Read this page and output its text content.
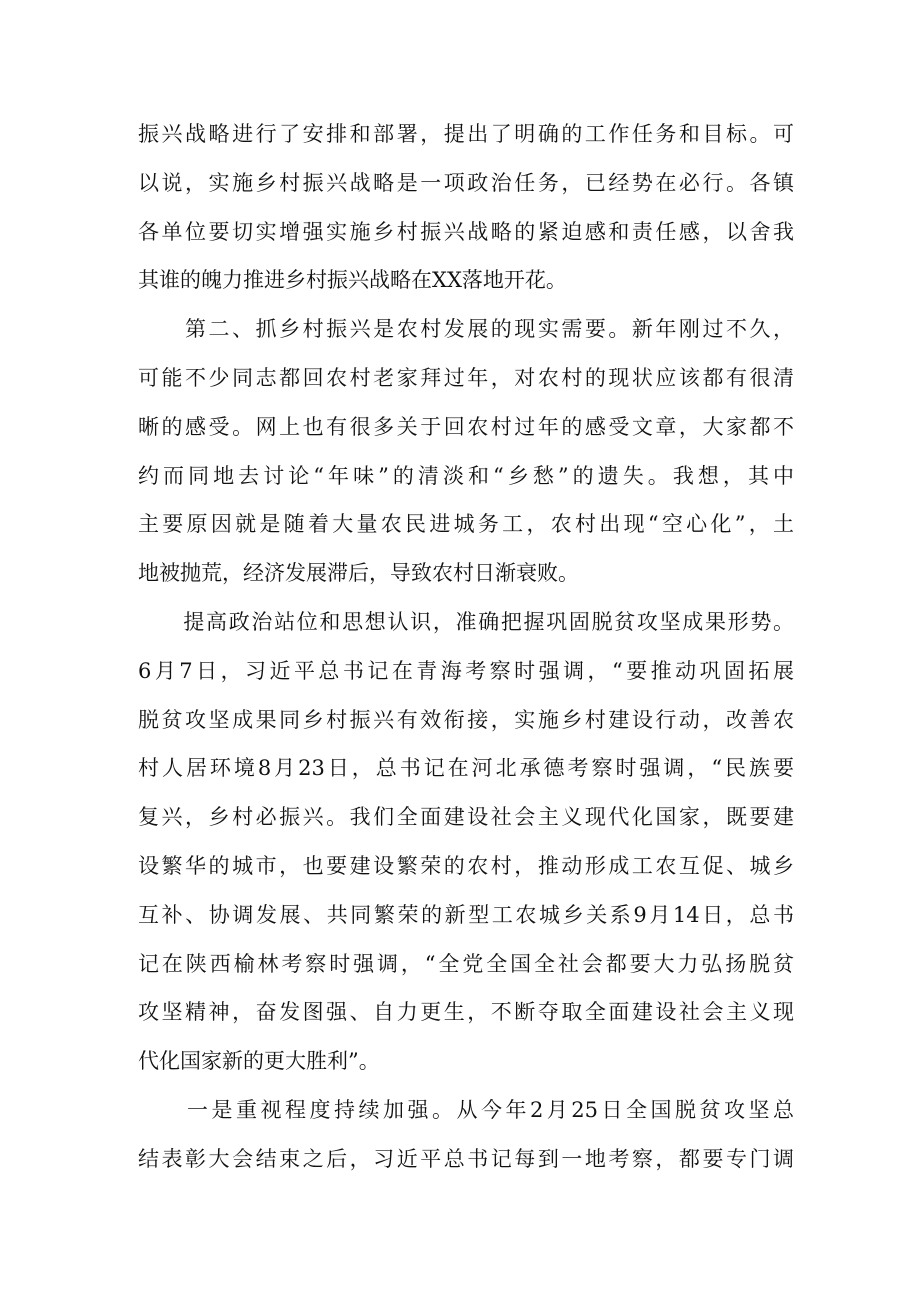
振兴战略进行了安排和部署，提出了明确的工作任务和目标。可
以说，实施乡村振兴战略是一项政治任务，已经势在必行。各镇
各单位要切实增强实施乡村振兴战略的紧迫感和责任感，以舍我
其谁的魄力推进乡村振兴战略在XX落地开花。
　　第二、抓乡村振兴是农村发展的现实需要。新年刚过不久，
可能不少同志都回农村老家拜过年，对农村的现状应该都有很清
晰的感受。网上也有很多关于回农村过年的感受文章，大家都不
约而同地去讨论“年味”的清淡和“乡愁”的遗失。我想，其中
主要原因就是随着大量农民进城务工，农村出现“空心化”，土
地被抛荒，经济发展滞后，导致农村日渐衰败。
　　提高政治站位和思想认识，准确把握巩固脱贫攻坚成果形势。
6月7日，习近平总书记在青海考察时强调，“要推动巩固拓展
脱贫攻坚成果同乡村振兴有效衔接，实施乡村建设行动，改善农
村人居环境8月23日，总书记在河北承德考察时强调，“民族要
复兴，乡村必振兴。我们全面建设社会主义现代化国家，既要建
设繁华的城市，也要建设繁荣的农村，推动形成工农互促、城乡
互补、协调发展、共同繁荣的新型工农城乡关系9月14日，总书
记在陕西榆林考察时强调，“全党全国全社会都要大力弘扬脱贫
攻坚精神，奋发图强、自力更生，不断夺取全面建设社会主义现
代化国家新的更大胜利”。
　　一是重视程度持续加强。从今年2月25日全国脱贫攻坚总
结表彰大会结束之后，习近平总书记每到一地考察，都要专门调
